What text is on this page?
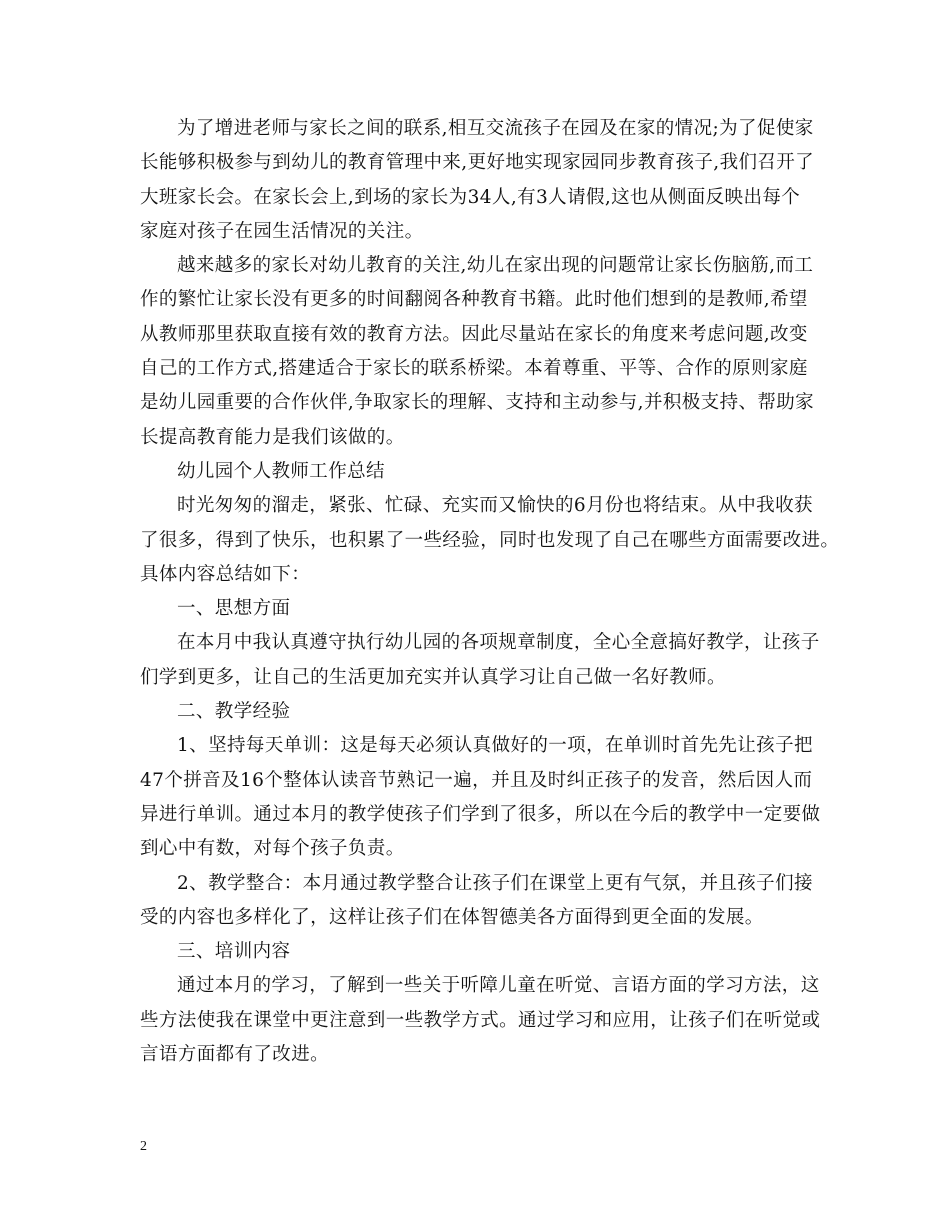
为了增进老师与家长之间的联系,相互交流孩子在园及在家的情况;为了促使家
长能够积极参与到幼儿的教育管理中来,更好地实现家园同步教育孩子,我们召开了
大班家长会。在家长会上,到场的家长为34人,有3人请假,这也从侧面反映出每个
家庭对孩子在园生活情况的关注。
越来越多的家长对幼儿教育的关注,幼儿在家出现的问题常让家长伤脑筋,而工
作的繁忙让家长没有更多的时间翻阅各种教育书籍。此时他们想到的是教师,希望
从教师那里获取直接有效的教育方法。因此尽量站在家长的角度来考虑问题,改变
自己的工作方式,搭建适合于家长的联系桥梁。本着尊重、平等、合作的原则家庭
是幼儿园重要的合作伙伴,争取家长的理解、支持和主动参与,并积极支持、帮助家
长提高教育能力是我们该做的。
幼儿园个人教师工作总结
时光匆匆的溜走，紧张、忙碌、充实而又愉快的6月份也将结束。从中我收获
了很多，得到了快乐，也积累了一些经验，同时也发现了自己在哪些方面需要改进。
具体内容总结如下：
一、思想方面
在本月中我认真遵守执行幼儿园的各项规章制度，全心全意搞好教学，让孩子
们学到更多，让自己的生活更加充实并认真学习让自己做一名好教师。
二、教学经验
1、坚持每天单训：这是每天必须认真做好的一项，在单训时首先先让孩子把
47个拼音及16个整体认读音节熟记一遍，并且及时纠正孩子的发音，然后因人而
异进行单训。通过本月的教学使孩子们学到了很多，所以在今后的教学中一定要做
到心中有数，对每个孩子负责。
2、教学整合：本月通过教学整合让孩子们在课堂上更有气氛，并且孩子们接
受的内容也多样化了，这样让孩子们在体智德美各方面得到更全面的发展。
三、培训内容
通过本月的学习，了解到一些关于听障儿童在听觉、言语方面的学习方法，这
些方法使我在课堂中更注意到一些教学方式。通过学习和应用，让孩子们在听觉或
言语方面都有了改进。
2
